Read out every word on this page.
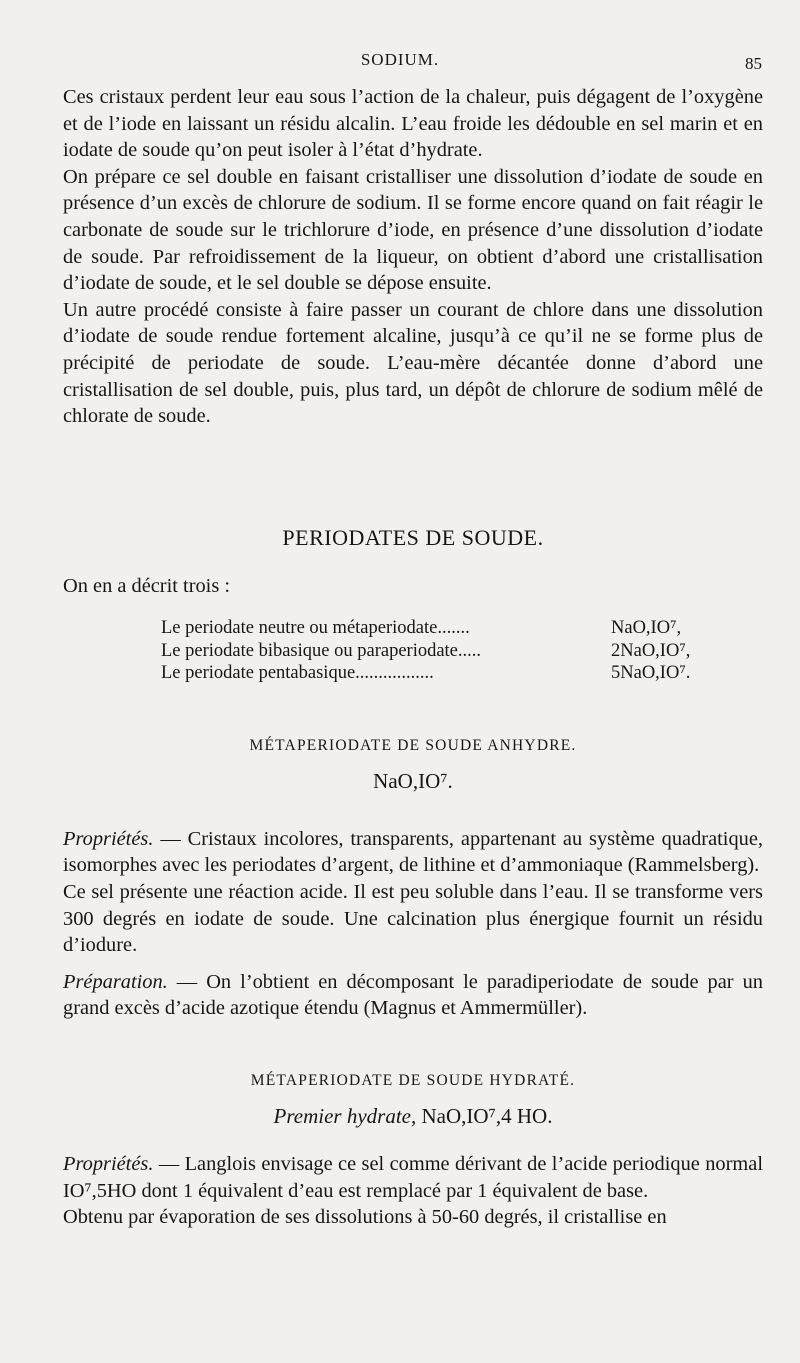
SODIUM.	85

Ces cristaux perdent leur eau sous l’action de la chaleur, puis dégagent de l’oxygène et de l’iode en laissant un résidu alcalin. L’eau froide les dédouble en sel marin et en iodate de soude qu’on peut isoler à l’état d’hydrate.

On prépare ce sel double en faisant cristalliser une dissolution d’iodate de soude en présence d’un excès de chlorure de sodium. Il se forme encore quand on fait réagir le carbonate de soude sur le trichlorure d’iode, en présence d’une dissolution d’iodate de soude. Par refroidissement de la liqueur, on obtient d’abord une cristallisation d’iodate de soude, et le sel double se dépose ensuite.

Un autre procédé consiste à faire passer un courant de chlore dans une dissolution d’iodate de soude rendue fortement alcaline, jusqu’à ce qu’il ne se forme plus de précipité de periodate de soude. L’eau-mère décantée donne d’abord une cristallisation de sel double, puis, plus tard, un dépôt de chlorure de sodium mêlé de chlorate de soude.

PERIODATES DE SOUDE.
On en a décrit trois :
Le periodate neutre ou métaperiodate.......	NaO,IO⁷,
Le periodate bibasique ou paraperiodate.....	2NaO,IO⁷,
Le periodate pentabasique.................	5NaO,IO⁷.
MÉTAPERIODATE DE SOUDE ANHYDRE.
NaO,IO⁷.

Propriétés. — Cristaux incolores, transparents, appartenant au système quadratique, isomorphes avec les periodates d’argent, de lithine et d’ammoniaque (Rammelsberg).

Ce sel présente une réaction acide. Il est peu soluble dans l’eau. Il se transforme vers 300 degrés en iodate de soude. Une calcination plus énergique fournit un résidu d’iodure.

Préparation. — On l’obtient en décomposant le paradiperiodate de soude par un grand excès d’acide azotique étendu (Magnus et Ammermüller).

MÉTAPERIODATE DE SOUDE HYDRATÉ.
Premier hydrate, NaO,IO⁷,4 HO.

Propriétés. — Langlois envisage ce sel comme dérivant de l’acide periodique normal IO⁷,5HO dont 1 équivalent d’eau est remplacé par 1 équivalent de base.

Obtenu par évaporation de ses dissolutions à 50-60 degrés, il cristallise en
